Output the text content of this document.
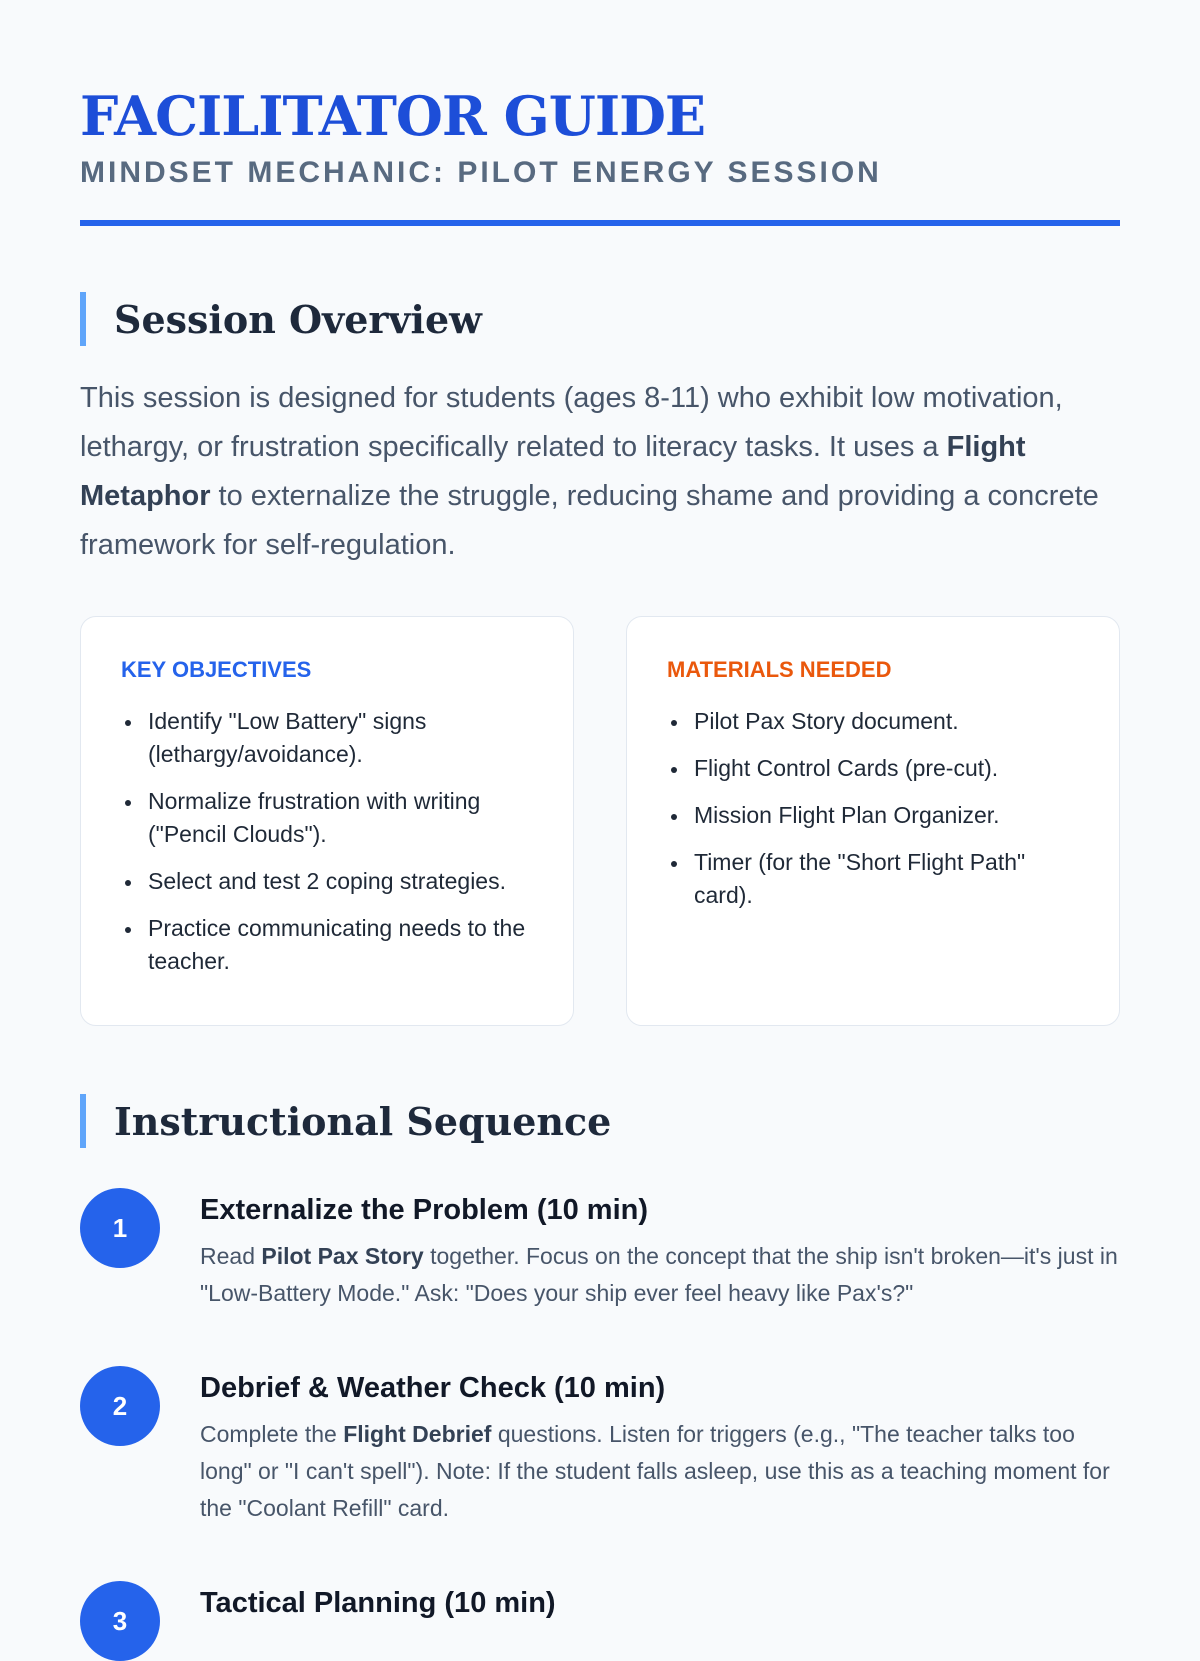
FACILITATOR GUIDE
MINDSET MECHANIC: PILOT ENERGY SESSION
Session Overview

This session is designed for students (ages 8-11) who exhibit low motivation, lethargy, or frustration specifically related to literacy tasks. It uses a Flight Metaphor to externalize the struggle, reducing shame and providing a concrete framework for self-regulation.

KEY OBJECTIVES
Identify "Low Battery" signs (lethargy/avoidance).
Normalize frustration with writing ("Pencil Clouds").
Select and test 2 coping strategies.
Practice communicating needs to the teacher.
MATERIALS NEEDED
Pilot Pax Story document.
Flight Control Cards (pre-cut).
Mission Flight Plan Organizer.
Timer (for the "Short Flight Path" card).
Instructional Sequence
1
Externalize the Problem (10 min)

Read Pilot Pax Story together. Focus on the concept that the ship isn't broken—it's just in "Low-Battery Mode." Ask: "Does your ship ever feel heavy like Pax's?"

2
Debrief & Weather Check (10 min)

Complete the Flight Debrief questions. Listen for triggers (e.g., "The teacher talks too long" or "I can't spell"). Note: If the student falls asleep, use this as a teaching moment for the "Coolant Refill" card.

3
Tactical Planning (10 min)
